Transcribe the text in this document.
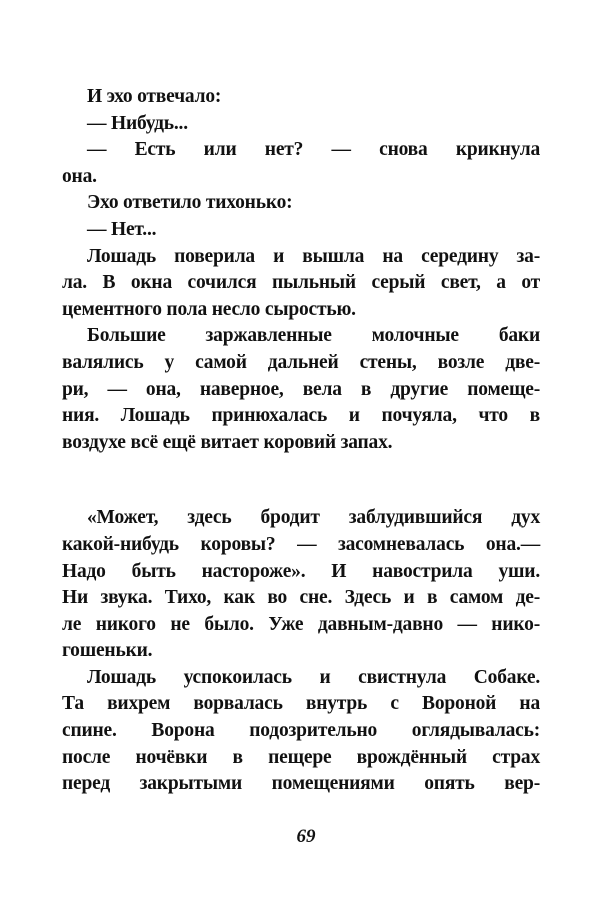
И эхо отвечало:
— Нибудь...
— Есть или нет? — снова крикнула
она.
Эхо ответило тихонько:
— Нет...
Лошадь поверила и вышла на середину за-
ла. В окна сочился пыльный серый свет, а от
цементного пола несло сыростью.
Большие заржавленные молочные баки
валялись у самой дальней стены, возле две-
ри, — она, наверное, вела в другие помеще-
ния. Лошадь принюхалась и почуяла, что в
воздухе всё ещё витает коровий запах.
«Может, здесь бродит заблудившийся дух
какой-нибудь коровы? — засомневалась она.—
Надо быть настороже». И навострила уши.
Ни звука. Тихо, как во сне. Здесь и в самом де-
ле никого не было. Уже давным-давно — нико-
гошеньки.
Лошадь успокоилась и свистнула Собаке.
Та вихрем ворвалась внутрь с Вороной на
спине. Ворона подозрительно оглядывалась:
после ночёвки в пещере врождённый страх
перед закрытыми помещениями опять вер-
69
